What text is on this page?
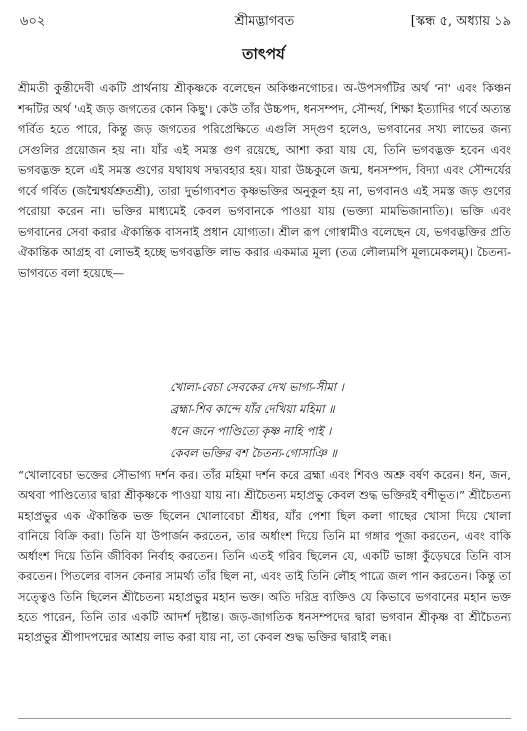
৬০২	শ্রীমদ্ভাগবত	[স্কন্ধ ৫, অধ্যায় ১৯
তাৎপর্য

শ্রীমতী কুন্তীদেবী একটি প্রার্থনায় শ্রীকৃষ্ণকে বলেছেন অকিঞ্চনগোচর। অ-উপসর্গটির অর্থ 'না' এবং কিঞ্চন শব্দটির অর্থ 'এই জড় জগতের কোন কিছু'। কেউ তাঁর উচ্চপদ, ধনসম্পদ, সৌন্দর্য, শিক্ষা ইত্যাদির গর্বে অত্যন্ত গর্বিত হতে পারে, কিন্তু জড় জগতের পরিপ্রেক্ষিতে এগুলি সদ্গুণ হলেও, ভগবানের সখ্য লাভের জন্য সেগুলির প্রয়োজন হয় না। যাঁর এই সমস্ত গুণ রয়েছে, আশা করা যায় যে, তিনি ভগবদ্ভক্ত হবেন এবং ভগবদ্ভক্ত হলে এই সমস্ত গুণের যথাযথ সদ্ব্যবহার হয়। যারা উচ্চকুলে জন্ম, ধনসম্পদ, বিদ্যা এবং সৌন্দর্যের গর্বে গর্বিত (জন্মৈশ্বর্যশ্রুতশ্রী), তারা দুর্ভাগ্যবশত কৃষ্ণভক্তির অনুকূল হয় না, ভগবানও এই সমস্ত জড় গুণের পরোয়া করেন না। ভক্তির মাধ্যমেই কেবল ভগবানকে পাওয়া যায় (ভক্ত্যা মামভিজানাতি)। ভক্তি এবং ভগবানের সেবা করার ঐকান্তিক বাসনাই প্রধান যোগ্যতা। শ্রীল রূপ গোস্বামীও বলেছেন যে, ভগবদ্ভক্তির প্রতি ঐকান্তিক আগ্রহ বা লোভই হচ্ছে ভগবদ্ভক্তি লাভ করার একমাত্র মূল্য (তত্র লৌল্যমপি মূল্যমেকলম্)। চৈতন্য-ভাগবতে বলা হয়েছে—

খোলা-বেচা সেবকের দেখ ভাগ্য-সীমা ।
ব্রহ্মা-শিব কান্দে যাঁর দেখিয়া মহিমা ॥
ধনে জনে পাণ্ডিত্যে কৃষ্ণ নাহি পাই ।
কেবল ভক্তির বশ চৈতন্য-গোসাঞি ॥

“খোলাবেচা ভক্তের সৌভাগ্য দর্শন কর। তাঁর মহিমা দর্শন করে ব্রহ্মা এবং শিবও অশ্রু বর্ষণ করেন। ধন, জন, অথবা পাণ্ডিত্যের দ্বারা শ্রীকৃষ্ণকে পাওয়া যায় না। শ্রীচৈতন্য মহাপ্রভু কেবল শুদ্ধ ভক্তিরই বশীভূত।” শ্রীচৈতন্য মহাপ্রভুর এক ঐকান্তিক ভক্ত ছিলেন খোলাবেচা শ্রীধর, যাঁর পেশা ছিল কলা গাছের খোসা দিয়ে খোলা বানিয়ে বিক্রি করা। তিনি যা উপার্জন করতেন, তার অর্ধাংশ দিয়ে তিনি মা গঙ্গার পূজা করতেন, এবং বাকি অর্ধাংশ দিয়ে তিনি জীবিকা নির্বাহ করতেন। তিনি এতই গরিব ছিলেন যে, একটি ভাঙ্গা কুঁড়েঘরে তিনি বাস করতেন। পিতলের বাসন কেনার সামর্থ্য তাঁর ছিল না, এবং তাই তিনি লৌহ পাত্রে জল পান করতেন। কিন্তু তা সত্ত্বেও তিনি ছিলেন শ্রীচৈতন্য মহাপ্রভুর মহান ভক্ত। অতি দরিদ্র ব্যক্তিও যে কিভাবে ভগবানের মহান ভক্ত হতে পারেন, তিনি তার একটি আদর্শ দৃষ্টান্ত। জড়-জাগতিক ধনসম্পদের দ্বারা ভগবান শ্রীকৃষ্ণ বা শ্রীচৈতন্য মহাপ্রভুর শ্রীপাদপদ্মের আশ্রয় লাভ করা যায় না, তা কেবল শুদ্ধ ভক্তির দ্বারাই লব্ধ।
